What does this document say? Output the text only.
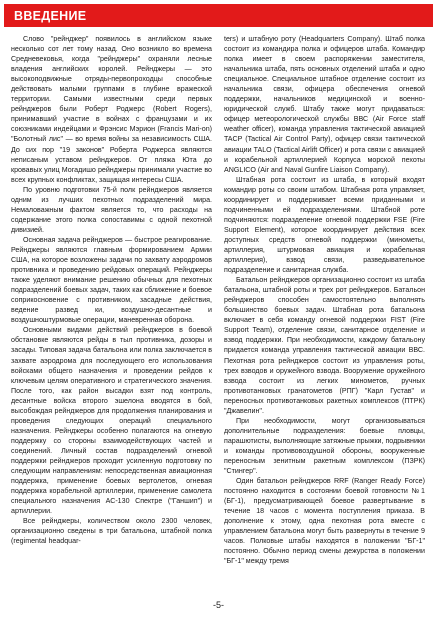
ВВЕДЕНИЕ

Слово "рейнджер" появилось в английском языке несколько сот лет тому назад. Оно возникло во времена Средневековья, когда "рейнджеры" охраняли лесные владения английских королей. Рейнджеры — это высокоподвижные отряды-первопроходцы способные действовать малыми группами в глубине вражеской территории. Самыми известными среди первых рейнджеров были Роберт Роджерс (Robert Rogers), принимавший участие в войнах с французами и их союзниками индейцами и Фрэнсис Мэрион (Francis Mari-on) "Болотный лис" — во время войны за независимость США. До сих пор "19 законов" Роберта Роджерса являются неписаным уставом рейнджеров. От пляжа Юта до кровавых улиц Могадишо рейнджеры принимали участие во всех крупных конфликтах, защищая интересы США.

По уровню подготовки 75-й полк рейнджеров является одним из лучших пехотных подразделений мира. Немаловажным фактом является то, что расходы на содержание этого полка сопоставимы с одной пехотной дивизией.

Основная задача рейнджеров — быстрое реагирование. Рейнджеры являются главным формированием Армии США, на которое возложены задачи по захвату аэродромов противника и проведению рейдовых операций. Рейнджеры также уделяют внимание решению обычных для пехотных подразделений боевых задач, таких как сближение и боевое соприкосновение с противником, засадные действия, ведение развед ки, воздушно-десантные и воздушноштурмовые операции, маневренная оборона.

Основными видами действий рейнджеров в боевой обстановке являются рейды в тыл противника, дозоры и засады. Типовая задача батальона или полка заключается в захвате аэродрома для последующего его использования войсками общего назначения и проведении рейдов к ключевым целям оперативного и стратегического значения. После того, как район высадки взят под контроль, десантные войска второго эшелона вводятся в бой, высобождая рейнджеров для продолжения планирования и проведения следующих операций специального назначения. Рейнджеры особенно полагаются на огневую поддержку со стороны взаимодействующих частей и соединений. Личный состав подразделений огневой поддержки рейнджеров проходит усиленную подготовку по следующим направлениям: непосредственная авиационная поддержка, применение боевых вертолетов, огневая поддержка корабельной артиллерии, применение самолета специального назначения АС-130 Спектре ("Ганшип") и артиллерии.

Все рейнджеры, количеством около 2300 человек, организационно сведены в три батальона, штабной полка (regimental headquar-

ters) и штабную роту (Headquarters Company). Штаб полка состоит из командира полка и офицеров штаба. Командир полка имеет в своем распоряжении заместителя, начальника штаба, пять основных отделений штаба и одно специальное. Специальное штабное отделение состоит из начальника связи, офицера обеспечения огневой поддержки, начальников медицинской и военно-юридической служб. Штабу также могут придаваться: офицер метеорологической службы ВВС (Air Force staff weather officer), команда управления тактической авиацией TACP (Tactical Air Control Party), офицер связи тактической авиации TALO (Tactical Airlift Officer) и рота связи с авиацией и корабельной артиллерией Корпуса морской пехоты ANGLICO (Air and Naval Gunfire Liaison Company).

Штабная рота состоит из штаба, в который входят командир роты со своим штабом. Штабная рота управляет, координирует и поддерживает всеми приданными и подчиненными ей подразделениями. Штабной роте подчиняются: подразделение огневой поддержки FSE (Fire Support Element), которое координирует действия всех доступных средств огневой поддержки (минометы, артиллерия, штурмовая авиация и корабельная артиллерия), взвод связи, разведывательное подразделение и санитарная служба.

Батальон рейнджеров организационно состоит из штаба батальона, штабной роты и трех рот рейнджеров. Батальон рейнджеров способен самостоятельно выполнять большинство боевых задач. Штабная рота батальона включает в себя команду огневой поддержки FIST (Fire Support Team), отделение связи, санитарное отделение и взвод поддержки. При необходимости, каждому батальону придается команда управления тактической авиации ВВС. Пехотная рота рейнджеров состоит из управления роты, трех взводов и оружейного взвода. Вооружение оружейного взвода состоит из легких минометов, ручных противотанковых гранатометов (РПГ) "Карл Густав" и переносных противотанковых ракетных комплексов (ПТРК) "Джавелин".

При необходимости, могут организовываться дополнительные подразделения: боевые пловцы, парашютисты, выполняющие затяжные прыжки, подрывники и команды противовоздушной обороны, вооруженные переносным зенитным ракетным комплексом (ПЗРК) "Стингер".

Один батальон рейнджеров RRF (Ranger Ready Force) постоянно находится в состоянии боевой готовности №1 (БГ-1), предусматривающей боевое развертывание в течение 18 часов с момента поступления приказа. В дополнение к этому, одна пехотная рота вместе с управлением батальона могут быть развернуты в течение 9 часов. Полковые штабы находятся в положении "БГ-1" постоянно. Обычно период смены дежурства в положении "БГ-1" между тремя

-5-
